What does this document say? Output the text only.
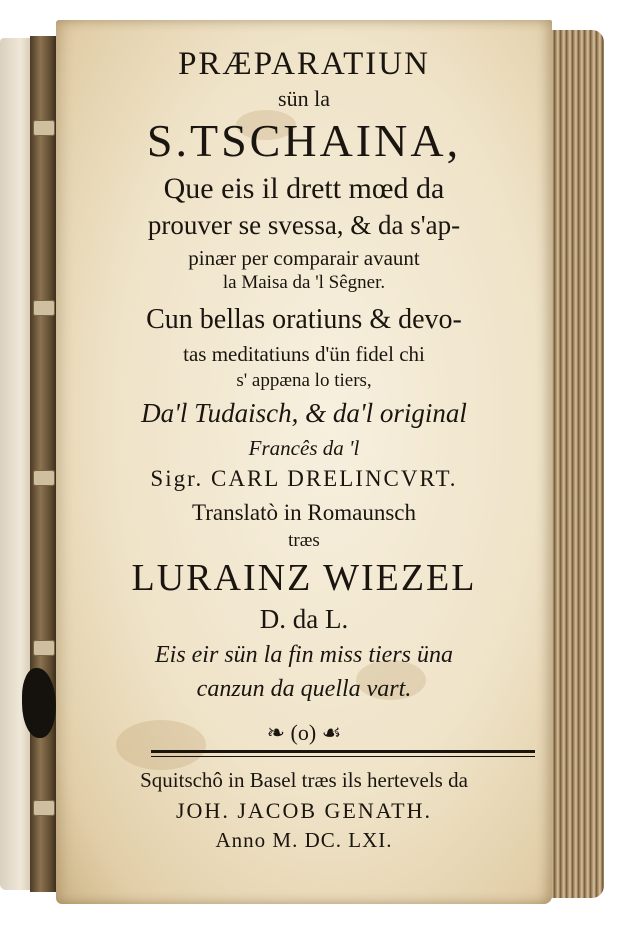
PRÆPARATIUN
sün la
S.TSCHAINA,
Que eis il drett mœd da
prouver se svessa, & da s'ap-
pinær per comparair avaunt
la Maisa da 'l Sêgner.
Cun bellas oratiuns & devo-
tas meditatiuns d'ün fidel chi
s' appæna lo tiers,
Da'l Tudaisch, & da'l original
Francês da 'l
Sigr. CARL DRELINCVRT.
Translatò in Romaunsch
træs
LURAINZ WIEZEL
D. da L.
Eis eir sün la fin miss tiers üna
canzun da quella vart.
❧ (o) ☙
Squitschô in Basel træs ils hertevels da
JOH. JACOB GENATH.
Anno M. DC. LXI.
